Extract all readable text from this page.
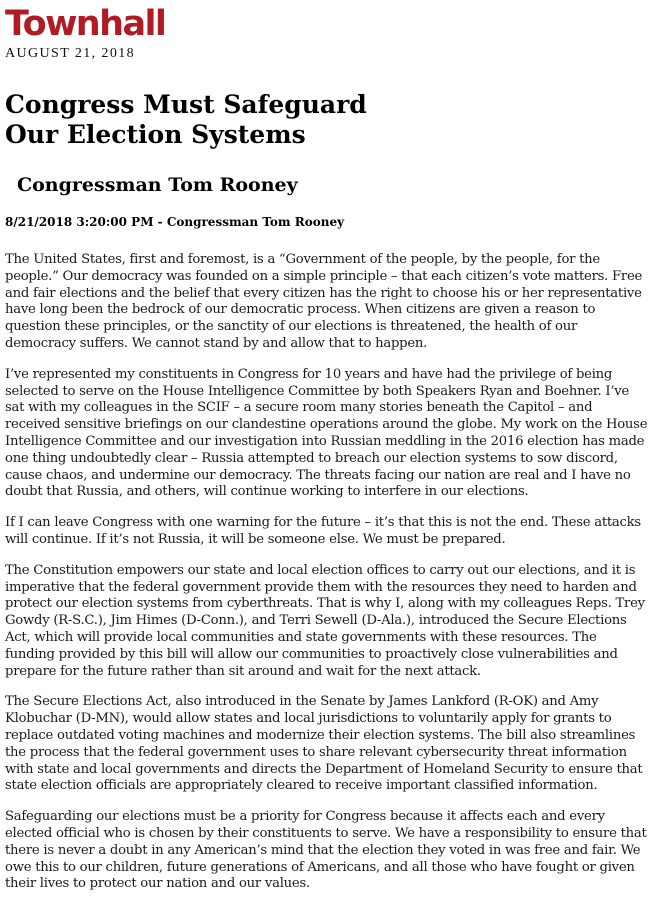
Townhall
AUGUST 21, 2018
Congress Must Safeguard
Our Election Systems
Congressman Tom Rooney
8/21/2018 3:20:00 PM - Congressman Tom Rooney

The United States, first and foremost, is a “Government of the people, by the people, for the people.” Our democracy was founded on a simple principle – that each citizen’s vote matters. Free and fair elections and the belief that every citizen has the right to choose his or her representative have long been the bedrock of our democratic process. When citizens are given a reason to question these principles, or the sanctity of our elections is threatened, the health of our democracy suffers. We cannot stand by and allow that to happen.

I’ve represented my constituents in Congress for 10 years and have had the privilege of being selected to serve on the House Intelligence Committee by both Speakers Ryan and Boehner. I’ve sat with my colleagues in the SCIF – a secure room many stories beneath the Capitol – and received sensitive briefings on our clandestine operations around the globe. My work on the House Intelligence Committee and our investigation into Russian meddling in the 2016 election has made one thing undoubtedly clear – Russia attempted to breach our election systems to sow discord, cause chaos, and undermine our democracy. The threats facing our nation are real and I have no doubt that Russia, and others, will continue working to interfere in our elections.

If I can leave Congress with one warning for the future – it’s that this is not the end. These attacks will continue. If it’s not Russia, it will be someone else. We must be prepared.

The Constitution empowers our state and local election offices to carry out our elections, and it is imperative that the federal government provide them with the resources they need to harden and protect our election systems from cyberthreats. That is why I, along with my colleagues Reps. Trey Gowdy (R-S.C.), Jim Himes (D-Conn.), and Terri Sewell (D-Ala.), introduced the Secure Elections Act, which will provide local communities and state governments with these resources. The funding provided by this bill will allow our communities to proactively close vulnerabilities and prepare for the future rather than sit around and wait for the next attack.

The Secure Elections Act, also introduced in the Senate by James Lankford (R-OK) and Amy Klobuchar (D-MN), would allow states and local jurisdictions to voluntarily apply for grants to replace outdated voting machines and modernize their election systems. The bill also streamlines the process that the federal government uses to share relevant cybersecurity threat information with state and local governments and directs the Department of Homeland Security to ensure that state election officials are appropriately cleared to receive important classified information.

Safeguarding our elections must be a priority for Congress because it affects each and every elected official who is chosen by their constituents to serve. We have a responsibility to ensure that there is never a doubt in any American’s mind that the election they voted in was free and fair. We owe this to our children, future generations of Americans, and all those who have fought or given their lives to protect our nation and our values.
